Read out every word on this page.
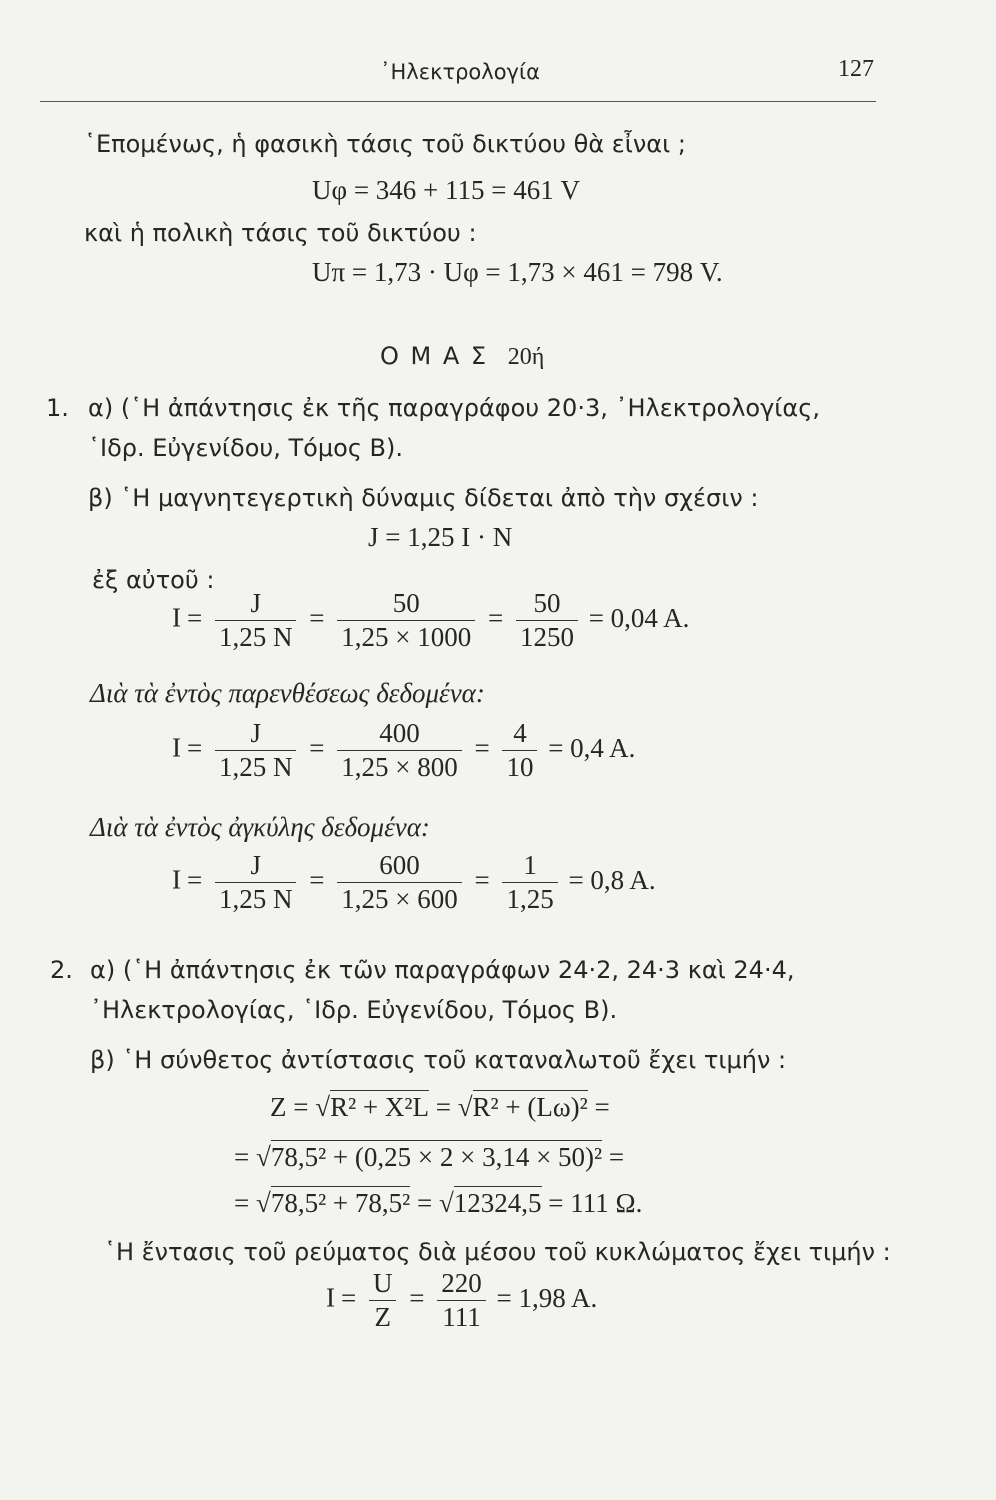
᾿Ηλεκτρολογία	127
῾Επομένως, ἡ φασικὴ τάσις τοῦ δικτύου θὰ εἶναι ;
Uφ = 346 + 115 = 461 V
καὶ ἡ πολικὴ τάσις τοῦ δικτύου :
Uπ = 1,73 · Uφ = 1,73 × 461 = 798 V.
Ο Μ Α Σ 20ή
1. α) (῾Η ἀπάντησις ἐκ τῆς παραγράφου 20·3, ᾿Ηλεκτρολογίας,
῾Ιδρ. Εὐγενίδου, Τόμος Β).
β) ῾Η μαγνητεγερτικὴ δύναμις δίδεται ἀπὸ τὴν σχέσιν :
J = 1,25 I · N
ἐξ αὐτοῦ :
$I = \frac{J}{1,25 N} = \frac{50}{1,25 \times 1000} = \frac{50}{1250} = 0,04$ A.
Διὰ τὰ ἐντὸς παρενθέσεως δεδομένα:
$I = \frac{J}{1,25 N} = \frac{400}{1,25 \times 800} = \frac{4}{10} = 0,4$ A.
Διὰ τὰ ἐντὸς ἀγκύλης δεδομένα:
$I = \frac{J}{1,25 N} = \frac{600}{1,25 \times 600} = \frac{1}{1,25} = 0,8$ A.
2. α) (῾Η ἀπάντησις ἐκ τῶν παραγράφων 24·2, 24·3 καὶ 24·4,
᾿Ηλεκτρολογίας, ῾Ιδρ. Εὐγενίδου, Τόμος Β).
β) ῾Η σύνθετος ἀντίστασις τοῦ καταναλωτοῦ ἔχει τιμήν :
Z = √R² + X²L = √R² + (Lω)² =
= √78,5² + (0,25 × 2 × 3,14 × 50)² =
= √78,5² + 78,5² = √12324,5 = 111 Ω.
῾Η ἔντασις τοῦ ρεύματος διὰ μέσου τοῦ κυκλώματος ἔχει τιμήν :
$I = \frac{U}{Z} = \frac{220}{111} = 1,98$ A.
